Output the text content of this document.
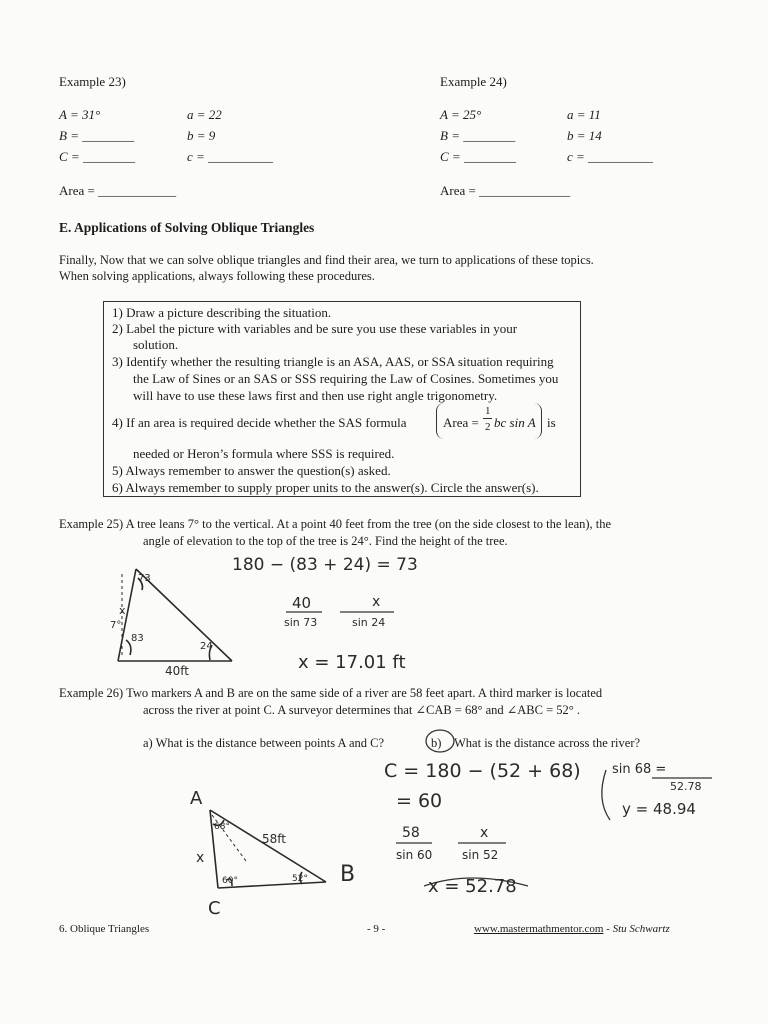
Example 23)
A = 31°	a = 22
B = ________	b = 9
C = ________	c = __________
Area = ____________
Example 24)
A = 25°	a = 11
B = ________	b = 14
C = ________	c = __________
Area = ______________
E. Applications of Solving Oblique Triangles
Finally, Now that we can solve oblique triangles and find their area, we turn to applications of these topics.
When solving applications, always following these procedures.
1) Draw a picture describing the situation.
2) Label the picture with variables and be sure you use these variables in your
solution.
3) Identify whether the resulting triangle is an ASA, AAS, or SSA situation requiring
the Law of Sines or an SAS or SSS requiring the Law of Cosines. Sometimes you
will have to use these laws first and then use right angle trigonometry.
4) If an area is required decide whether the SAS formula	Area =
1
2 bc sin A is
needed or Heron’s formula where SSS is required.
5) Always remember to answer the question(s) asked.
6) Always remember to supply proper units to the answer(s). Circle the answer(s).
Example 25) A tree leans 7° to the vertical. At a point 40 feet from the tree (on the side closest to the lean), the
angle of elevation to the top of the tree is 24°. Find the height of the tree.
73
x
7°
83
24
40ft
180 − (83 + 24) = 73
40
sin 73
x
sin 24
x = 17.01 ft
Example 26) Two markers A and B are on the same side of a river are 58 feet apart. A third marker is located
across the river at point C. A surveyor determines that ∠CAB = 68° and ∠ABC = 52° .
a) What is the distance between points A and C?	b) What is the distance across the river?
A
68°
58ft
x
60°	52° B
C
C = 180 − (52 + 68)
= 60
58
sin 60
x
sin 52
x = 52.78
sin 68 =
52.78
y = 48.94
6. Oblique Triangles	- 9 -	www.mastermathmentor.com - Stu Schwartz
